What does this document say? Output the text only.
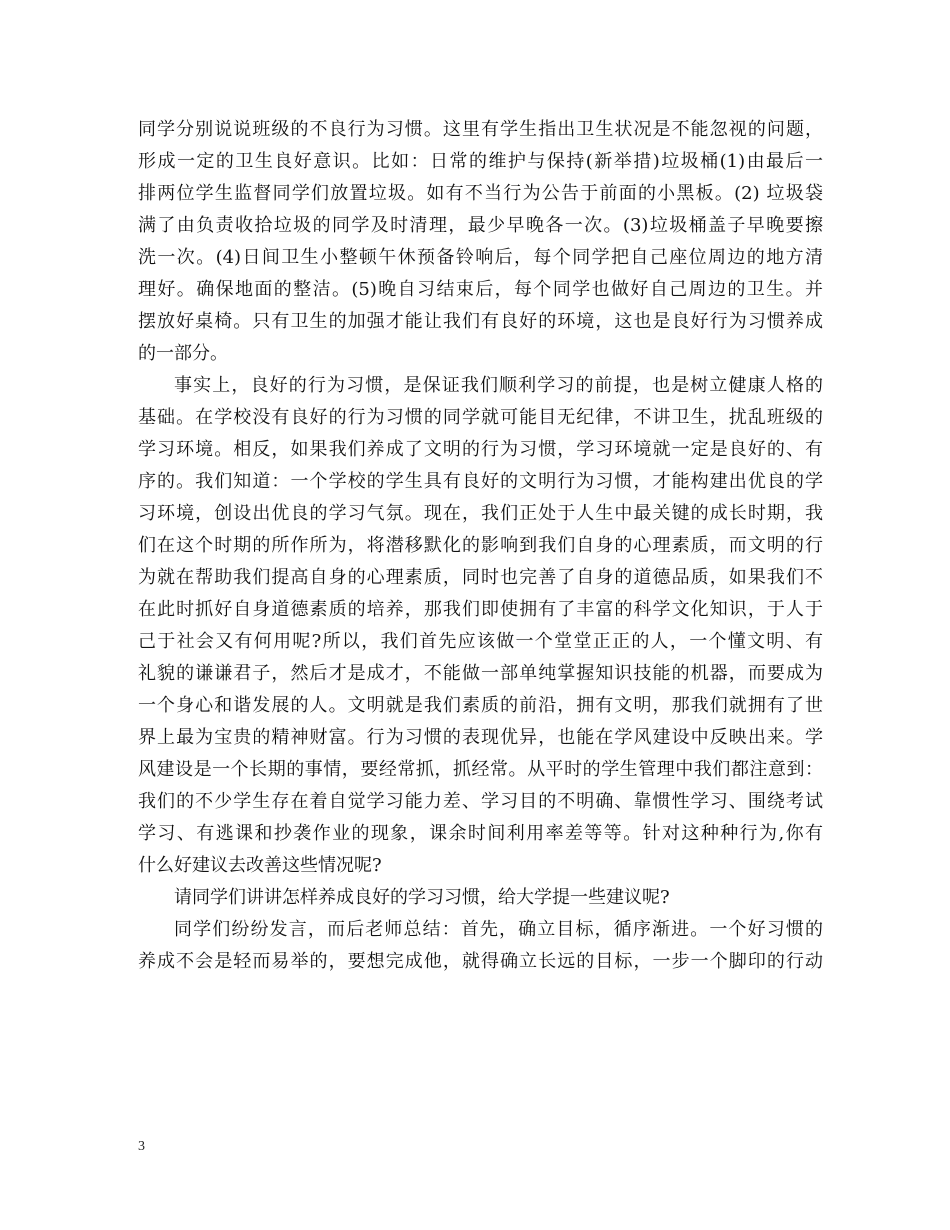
同学分别说说班级的不良行为习惯。这里有学生指出卫生状况是不能忽视的问题，
形成一定的卫生良好意识。比如：日常的维护与保持(新举措)垃圾桶(1)由最后一
排两位学生监督同学们放置垃圾。如有不当行为公告于前面的小黑板。(2) 垃圾袋
满了由负责收拾垃圾的同学及时清理，最少早晚各一次。(3)垃圾桶盖子早晚要擦
洗一次。(4)日间卫生小整顿午休预备铃响后，每个同学把自己座位周边的地方清
理好。确保地面的整洁。(5)晚自习结束后，每个同学也做好自己周边的卫生。并
摆放好桌椅。只有卫生的加强才能让我们有良好的环境，这也是良好行为习惯养成
的一部分。
事实上，良好的行为习惯，是保证我们顺利学习的前提，也是树立健康人格的
基础。在学校没有良好的行为习惯的同学就可能目无纪律，不讲卫生，扰乱班级的
学习环境。相反，如果我们养成了文明的行为习惯，学习环境就一定是良好的、有
序的。我们知道：一个学校的学生具有良好的文明行为习惯，才能构建出优良的学
习环境，创设出优良的学习气氛。现在，我们正处于人生中最关键的成长时期，我
们在这个时期的所作所为，将潜移默化的影响到我们自身的心理素质，而文明的行
为就在帮助我们提高自身的心理素质，同时也完善了自身的道德品质，如果我们不
在此时抓好自身道德素质的培养，那我们即使拥有了丰富的科学文化知识，于人于
己于社会又有何用呢?所以，我们首先应该做一个堂堂正正的人，一个懂文明、有
礼貌的谦谦君子，然后才是成才，不能做一部单纯掌握知识技能的机器，而要成为
一个身心和谐发展的人。文明就是我们素质的前沿，拥有文明，那我们就拥有了世
界上最为宝贵的精神财富。行为习惯的表现优异，也能在学风建设中反映出来。学
风建设是一个长期的事情，要经常抓，抓经常。从平时的学生管理中我们都注意到：
我们的不少学生存在着自觉学习能力差、学习目的不明确、靠惯性学习、围绕考试
学习、有逃课和抄袭作业的现象，课余时间利用率差等等。针对这种种行为,你有
什么好建议去改善这些情况呢?
请同学们讲讲怎样养成良好的学习习惯，给大学提一些建议呢?
同学们纷纷发言，而后老师总结：首先，确立目标，循序渐进。一个好习惯的
养成不会是轻而易举的，要想完成他，就得确立长远的目标，一步一个脚印的行动
3
